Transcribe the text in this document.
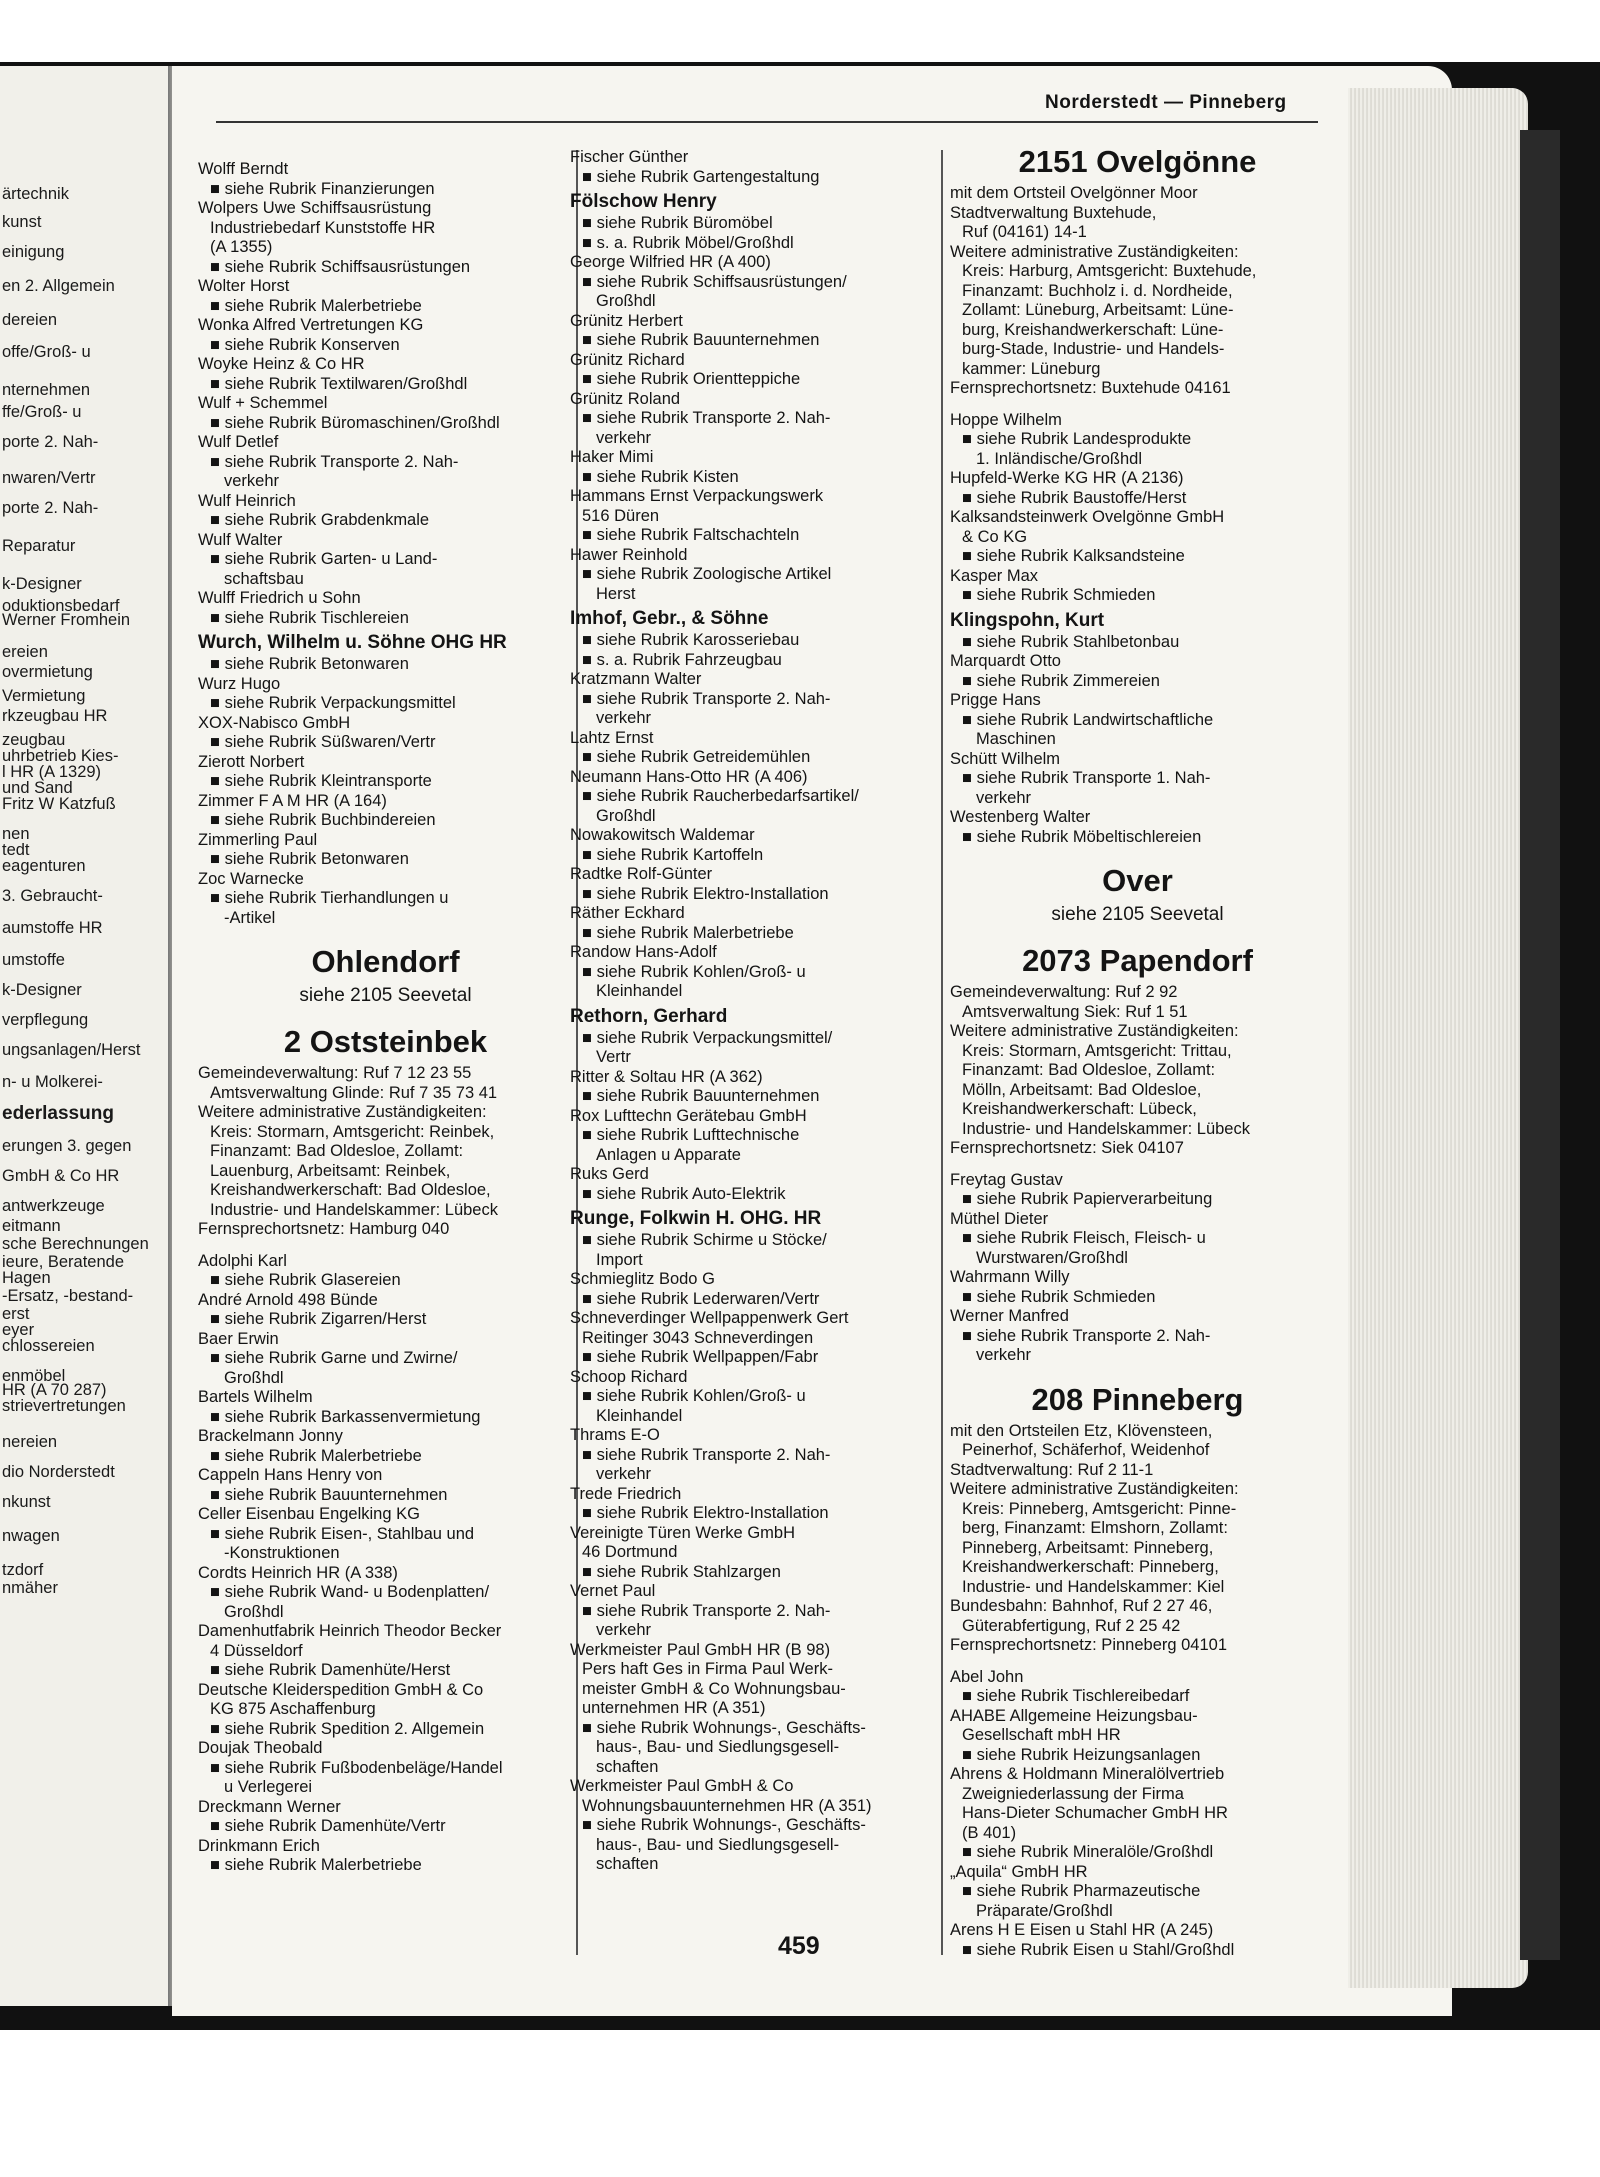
ärtechnik
kunst
einigung
en 2. Allgemein
dereien
offe/Groß- u
nternehmen
ffe/Groß- u
porte 2. Nah-
nwaren/Vertr
porte 2. Nah-
Reparatur
k-Designer
oduktionsbedarf
Werner Fromhein
ereien
overmietung
Vermietung
rkzeugbau HR
zeugbau
uhrbetrieb Kies-
l HR (A 1329)
und Sand
Fritz W Katzfuß
nen
tedt
eagenturen
3. Gebraucht-
aumstoffe HR
umstoffe
k-Designer
verpflegung
ungsanlagen/Herst
n- u Molkerei-
ederlassung
erungen 3. gegen
GmbH & Co HR
antwerkzeuge
eitmann
sche Berechnungen
ieure, Beratende
Hagen
-Ersatz, -bestand-
erst
eyer
chlossereien
enmöbel
HR (A 70 287)
strievertretungen
nereien
dio Norderstedt
nkunst
nwagen
tzdorf
nmäher
Norderstedt — Pinneberg
Wolff Berndt
■ siehe Rubrik Finanzierungen
Wolpers Uwe Schiffsausrüstung
Industriebedarf Kunststoffe HR
(A 1355)
■ siehe Rubrik Schiffsausrüstungen
Wolter Horst
■ siehe Rubrik Malerbetriebe
Wonka Alfred Vertretungen KG
■ siehe Rubrik Konserven
Woyke Heinz & Co HR
■ siehe Rubrik Textilwaren/Großhdl
Wulf + Schemmel
■ siehe Rubrik Büromaschinen/Großhdl
Wulf Detlef
■ siehe Rubrik Transporte 2. Nah-
verkehr
Wulf Heinrich
■ siehe Rubrik Grabdenkmale
Wulf Walter
■ siehe Rubrik Garten- u Land-
schaftsbau
Wulff Friedrich u Sohn
■ siehe Rubrik Tischlereien
Wurch, Wilhelm u. Söhne OHG HR
■ siehe Rubrik Betonwaren
Wurz Hugo
■ siehe Rubrik Verpackungsmittel
XOX-Nabisco GmbH
■ siehe Rubrik Süßwaren/Vertr
Zierott Norbert
■ siehe Rubrik Kleintransporte
Zimmer F A M HR (A 164)
■ siehe Rubrik Buchbindereien
Zimmerling Paul
■ siehe Rubrik Betonwaren
Zoc Warnecke
■ siehe Rubrik Tierhandlungen u
-Artikel
Ohlendorf
siehe 2105 Seevetal
2 Oststeinbek
Gemeindeverwaltung: Ruf 7 12 23 55
Amtsverwaltung Glinde: Ruf 7 35 73 41
Weitere administrative Zuständigkeiten:
Kreis: Stormarn, Amtsgericht: Reinbek,
Finanzamt: Bad Oldesloe, Zollamt:
Lauenburg, Arbeitsamt: Reinbek,
Kreishandwerkerschaft: Bad Oldesloe,
Industrie- und Handelskammer: Lübeck
Fernsprechortsnetz: Hamburg 040
Adolphi Karl
■ siehe Rubrik Glasereien
André Arnold 498 Bünde
■ siehe Rubrik Zigarren/Herst
Baer Erwin
■ siehe Rubrik Garne und Zwirne/
Großhdl
Bartels Wilhelm
■ siehe Rubrik Barkassenvermietung
Brackelmann Jonny
■ siehe Rubrik Malerbetriebe
Cappeln Hans Henry von
■ siehe Rubrik Bauunternehmen
Celler Eisenbau Engelking KG
■ siehe Rubrik Eisen-, Stahlbau und
-Konstruktionen
Cordts Heinrich HR (A 338)
■ siehe Rubrik Wand- u Bodenplatten/
Großhdl
Damenhutfabrik Heinrich Theodor Becker
4 Düsseldorf
■ siehe Rubrik Damenhüte/Herst
Deutsche Kleiderspedition GmbH & Co
KG 875 Aschaffenburg
■ siehe Rubrik Spedition 2. Allgemein
Doujak Theobald
■ siehe Rubrik Fußbodenbeläge/Handel
u Verlegerei
Dreckmann Werner
■ siehe Rubrik Damenhüte/Vertr
Drinkmann Erich
■ siehe Rubrik Malerbetriebe
Fischer Günther
■ siehe Rubrik Gartengestaltung
Fölschow Henry
■ siehe Rubrik Büromöbel
■ s. a. Rubrik Möbel/Großhdl
George Wilfried HR (A 400)
■ siehe Rubrik Schiffsausrüstungen/
Großhdl
Grünitz Herbert
■ siehe Rubrik Bauunternehmen
Grünitz Richard
■ siehe Rubrik Orientteppiche
Grünitz Roland
■ siehe Rubrik Transporte 2. Nah-
verkehr
Haker Mimi
■ siehe Rubrik Kisten
Hammans Ernst Verpackungswerk
516 Düren
■ siehe Rubrik Faltschachteln
Hawer Reinhold
■ siehe Rubrik Zoologische Artikel
Herst
Imhof, Gebr., & Söhne
■ siehe Rubrik Karosseriebau
■ s. a. Rubrik Fahrzeugbau
Kratzmann Walter
■ siehe Rubrik Transporte 2. Nah-
verkehr
Lahtz Ernst
■ siehe Rubrik Getreidemühlen
Neumann Hans-Otto HR (A 406)
■ siehe Rubrik Raucherbedarfsartikel/
Großhdl
Nowakowitsch Waldemar
■ siehe Rubrik Kartoffeln
Radtke Rolf-Günter
■ siehe Rubrik Elektro-Installation
Räther Eckhard
■ siehe Rubrik Malerbetriebe
Randow Hans-Adolf
■ siehe Rubrik Kohlen/Groß- u
Kleinhandel
Rethorn, Gerhard
■ siehe Rubrik Verpackungsmittel/
Vertr
Ritter & Soltau HR (A 362)
■ siehe Rubrik Bauunternehmen
Rox Lufttechn Gerätebau GmbH
■ siehe Rubrik Lufttechnische
Anlagen u Apparate
Ruks Gerd
■ siehe Rubrik Auto-Elektrik
Runge, Folkwin H. OHG. HR
■ siehe Rubrik Schirme u Stöcke/
Import
Schmieglitz Bodo G
■ siehe Rubrik Lederwaren/Vertr
Schneverdinger Wellpappenwerk Gert
Reitinger 3043 Schneverdingen
■ siehe Rubrik Wellpappen/Fabr
Schoop Richard
■ siehe Rubrik Kohlen/Groß- u
Kleinhandel
Thrams E-O
■ siehe Rubrik Transporte 2. Nah-
verkehr
Trede Friedrich
■ siehe Rubrik Elektro-Installation
Vereinigte Türen Werke GmbH
46 Dortmund
■ siehe Rubrik Stahlzargen
Vernet Paul
■ siehe Rubrik Transporte 2. Nah-
verkehr
Werkmeister Paul GmbH HR (B 98)
Pers haft Ges in Firma Paul Werk-
meister GmbH & Co Wohnungsbau-
unternehmen HR (A 351)
■ siehe Rubrik Wohnungs-, Geschäfts-
haus-, Bau- und Siedlungsgesell-
schaften
Werkmeister Paul GmbH & Co
Wohnungsbauunternehmen HR (A 351)
■ siehe Rubrik Wohnungs-, Geschäfts-
haus-, Bau- und Siedlungsgesell-
schaften
2151 Ovelgönne
mit dem Ortsteil Ovelgönner Moor
Stadtverwaltung Buxtehude,
Ruf (04161) 14-1
Weitere administrative Zuständigkeiten:
Kreis: Harburg, Amtsgericht: Buxtehude,
Finanzamt: Buchholz i. d. Nordheide,
Zollamt: Lüneburg, Arbeitsamt: Lüne-
burg, Kreishandwerkerschaft: Lüne-
burg-Stade, Industrie- und Handels-
kammer: Lüneburg
Fernsprechortsnetz: Buxtehude 04161
Hoppe Wilhelm
■ siehe Rubrik Landesprodukte
1. Inländische/Großhdl
Hupfeld-Werke KG HR (A 2136)
■ siehe Rubrik Baustoffe/Herst
Kalksandsteinwerk Ovelgönne GmbH
& Co KG
■ siehe Rubrik Kalksandsteine
Kasper Max
■ siehe Rubrik Schmieden
Klingspohn, Kurt
■ siehe Rubrik Stahlbetonbau
Marquardt Otto
■ siehe Rubrik Zimmereien
Prigge Hans
■ siehe Rubrik Landwirtschaftliche
Maschinen
Schütt Wilhelm
■ siehe Rubrik Transporte 1. Nah-
verkehr
Westenberg Walter
■ siehe Rubrik Möbeltischlereien
Over
siehe 2105 Seevetal
2073 Papendorf
Gemeindeverwaltung: Ruf 2 92
Amtsverwaltung Siek: Ruf 1 51
Weitere administrative Zuständigkeiten:
Kreis: Stormarn, Amtsgericht: Trittau,
Finanzamt: Bad Oldesloe, Zollamt:
Mölln, Arbeitsamt: Bad Oldesloe,
Kreishandwerkerschaft: Lübeck,
Industrie- und Handelskammer: Lübeck
Fernsprechortsnetz: Siek 04107
Freytag Gustav
■ siehe Rubrik Papierverarbeitung
Müthel Dieter
■ siehe Rubrik Fleisch, Fleisch- u
Wurstwaren/Großhdl
Wahrmann Willy
■ siehe Rubrik Schmieden
Werner Manfred
■ siehe Rubrik Transporte 2. Nah-
verkehr
208 Pinneberg
mit den Ortsteilen Etz, Klövensteen,
Peinerhof, Schäferhof, Weidenhof
Stadtverwaltung: Ruf 2 11-1
Weitere administrative Zuständigkeiten:
Kreis: Pinneberg, Amtsgericht: Pinne-
berg, Finanzamt: Elmshorn, Zollamt:
Pinneberg, Arbeitsamt: Pinneberg,
Kreishandwerkerschaft: Pinneberg,
Industrie- und Handelskammer: Kiel
Bundesbahn: Bahnhof, Ruf 2 27 46,
Güterabfertigung, Ruf 2 25 42
Fernsprechortsnetz: Pinneberg 04101
Abel John
■ siehe Rubrik Tischlereibedarf
AHABE Allgemeine Heizungsbau-
Gesellschaft mbH HR
■ siehe Rubrik Heizungsanlagen
Ahrens & Holdmann Mineralölvertrieb
Zweigniederlassung der Firma
Hans-Dieter Schumacher GmbH HR
(B 401)
■ siehe Rubrik Mineralöle/Großhdl
„Aquila“ GmbH HR
■ siehe Rubrik Pharmazeutische
Präparate/Großhdl
Arens H E Eisen u Stahl HR (A 245)
■ siehe Rubrik Eisen u Stahl/Großhdl
459
